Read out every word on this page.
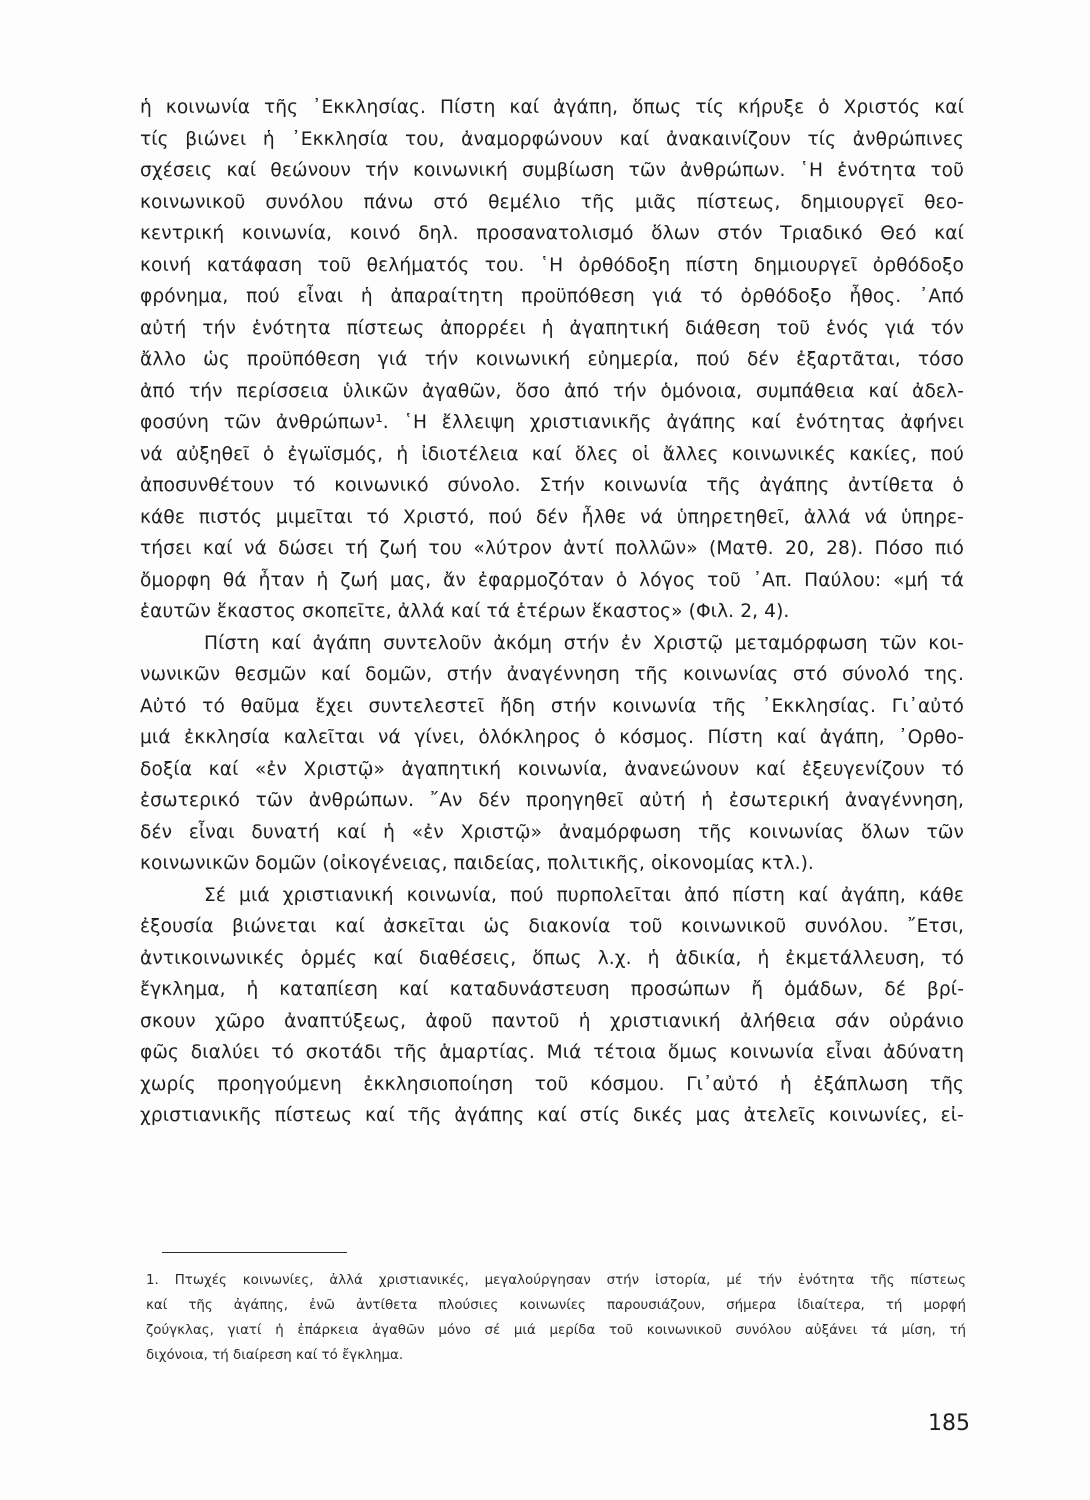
ἡ κοινωνία τῆς ᾿Εκκλησίας. Πίστη καί ἀγάπη, ὅπως τίς κήρυξε ὁ Χριστός καί
τίς βιώνει ἡ ᾿Εκκλησία του, ἀναμορφώνουν καί ἀνακαινίζουν τίς ἀνθρώπινες
σχέσεις καί θεώνουν τήν κοινωνική συμβίωση τῶν ἀνθρώπων. ῾Η ἑνότητα τοῦ
κοινωνικοῦ συνόλου πάνω στό θεμέλιο τῆς μιᾶς πίστεως, δημιουργεῖ θεο-
κεντρική κοινωνία, κοινό δηλ. προσανατολισμό ὅλων στόν Τριαδικό Θεό καί
κοινή κατάφαση τοῦ θελήματός του. ῾Η ὀρθόδοξη πίστη δημιουργεῖ ὀρθόδοξο
φρόνημα, πού εἶναι ἡ ἀπαραίτητη προϋπόθεση γιά τό ὀρθόδοξο ἦθος. ᾿Από
αὐτή τήν ἑνότητα πίστεως ἀπορρέει ἡ ἀγαπητική διάθεση τοῦ ἑνός γιά τόν
ἄλλο ὡς προϋπόθεση γιά τήν κοινωνική εὐημερία, πού δέν ἐξαρτᾶται, τόσο
ἀπό τήν περίσσεια ὑλικῶν ἀγαθῶν, ὅσο ἀπό τήν ὁμόνοια, συμπάθεια καί ἀδελ-
φοσύνη τῶν ἀνθρώπων¹. ῾Η ἔλλειψη χριστιανικῆς ἀγάπης καί ἑνότητας ἀφήνει
νά αὐξηθεῖ ὁ ἐγωϊσμός, ἡ ἰδιοτέλεια καί ὅλες οἱ ἄλλες κοινωνικές κακίες, πού
ἀποσυνθέτουν τό κοινωνικό σύνολο. Στήν κοινωνία τῆς ἀγάπης ἀντίθετα ὁ
κάθε πιστός μιμεῖται τό Χριστό, πού δέν ἦλθε νά ὑπηρετηθεῖ, ἀλλά νά ὑπηρε-
τήσει καί νά δώσει τή ζωή του «λύτρον ἀντί πολλῶν» (Ματθ. 20, 28). Πόσο πιό
ὄμορφη θά ἦταν ἡ ζωή μας, ἄν ἐφαρμοζόταν ὁ λόγος τοῦ ᾿Απ. Παύλου: «μή τά
ἑαυτῶν ἕκαστος σκοπεῖτε, ἀλλά καί τά ἑτέρων ἕκαστος» (Φιλ. 2, 4).
Πίστη καί ἀγάπη συντελοῦν ἀκόμη στήν ἐν Χριστῷ μεταμόρφωση τῶν κοι-
νωνικῶν θεσμῶν καί δομῶν, στήν ἀναγέννηση τῆς κοινωνίας στό σύνολό της.
Αὐτό τό θαῦμα ἔχει συντελεστεῖ ἤδη στήν κοινωνία τῆς ᾿Εκκλησίας. Γι᾿αὐτό
μιά ἐκκλησία καλεῖται νά γίνει, ὁλόκληρος ὁ κόσμος. Πίστη καί ἀγάπη, ᾿Ορθο-
δοξία καί «ἐν Χριστῷ» ἀγαπητική κοινωνία, ἀνανεώνουν καί ἐξευγενίζουν τό
ἐσωτερικό τῶν ἀνθρώπων. ῎Αν δέν προηγηθεῖ αὐτή ἡ ἐσωτερική ἀναγέννηση,
δέν εἶναι δυνατή καί ἡ «ἐν Χριστῷ» ἀναμόρφωση τῆς κοινωνίας ὅλων τῶν
κοινωνικῶν δομῶν (οἰκογένειας, παιδείας, πολιτικῆς, οἰκονομίας κτλ.).
Σέ μιά χριστιανική κοινωνία, πού πυρπολεῖται ἀπό πίστη καί ἀγάπη, κάθε
ἐξουσία βιώνεται καί ἀσκεῖται ὡς διακονία τοῦ κοινωνικοῦ συνόλου. ῎Ετσι,
ἀντικοινωνικές ὁρμές καί διαθέσεις, ὅπως λ.χ. ἡ ἀδικία, ἡ ἐκμετάλλευση, τό
ἔγκλημα, ἡ καταπίεση καί καταδυνάστευση προσώπων ἤ ὁμάδων, δέ βρί-
σκουν χῶρο ἀναπτύξεως, ἀφοῦ παντοῦ ἡ χριστιανική ἀλήθεια σάν οὐράνιο
φῶς διαλύει τό σκοτάδι τῆς ἁμαρτίας. Μιά τέτοια ὅμως κοινωνία εἶναι ἀδύνατη
χωρίς προηγούμενη ἐκκλησιοποίηση τοῦ κόσμου. Γι᾿αὐτό ἡ ἐξάπλωση τῆς
χριστιανικῆς πίστεως καί τῆς ἀγάπης καί στίς δικές μας ἀτελεῖς κοινωνίες, εἰ-
1. Πτωχές κοινωνίες, ἀλλά χριστιανικές, μεγαλούργησαν στήν ἱστορία, μέ τήν ἑνότητα τῆς πίστεως
καί τῆς ἀγάπης, ἐνῶ ἀντίθετα πλούσιες κοινωνίες παρουσιάζουν, σήμερα ἰδιαίτερα, τή μορφή
ζούγκλας, γιατί ἡ ἐπάρκεια ἀγαθῶν μόνο σέ μιά μερίδα τοῦ κοινωνικοῦ συνόλου αὐξάνει τά μίση, τή
διχόνοια, τή διαίρεση καί τό ἔγκλημα.
185
